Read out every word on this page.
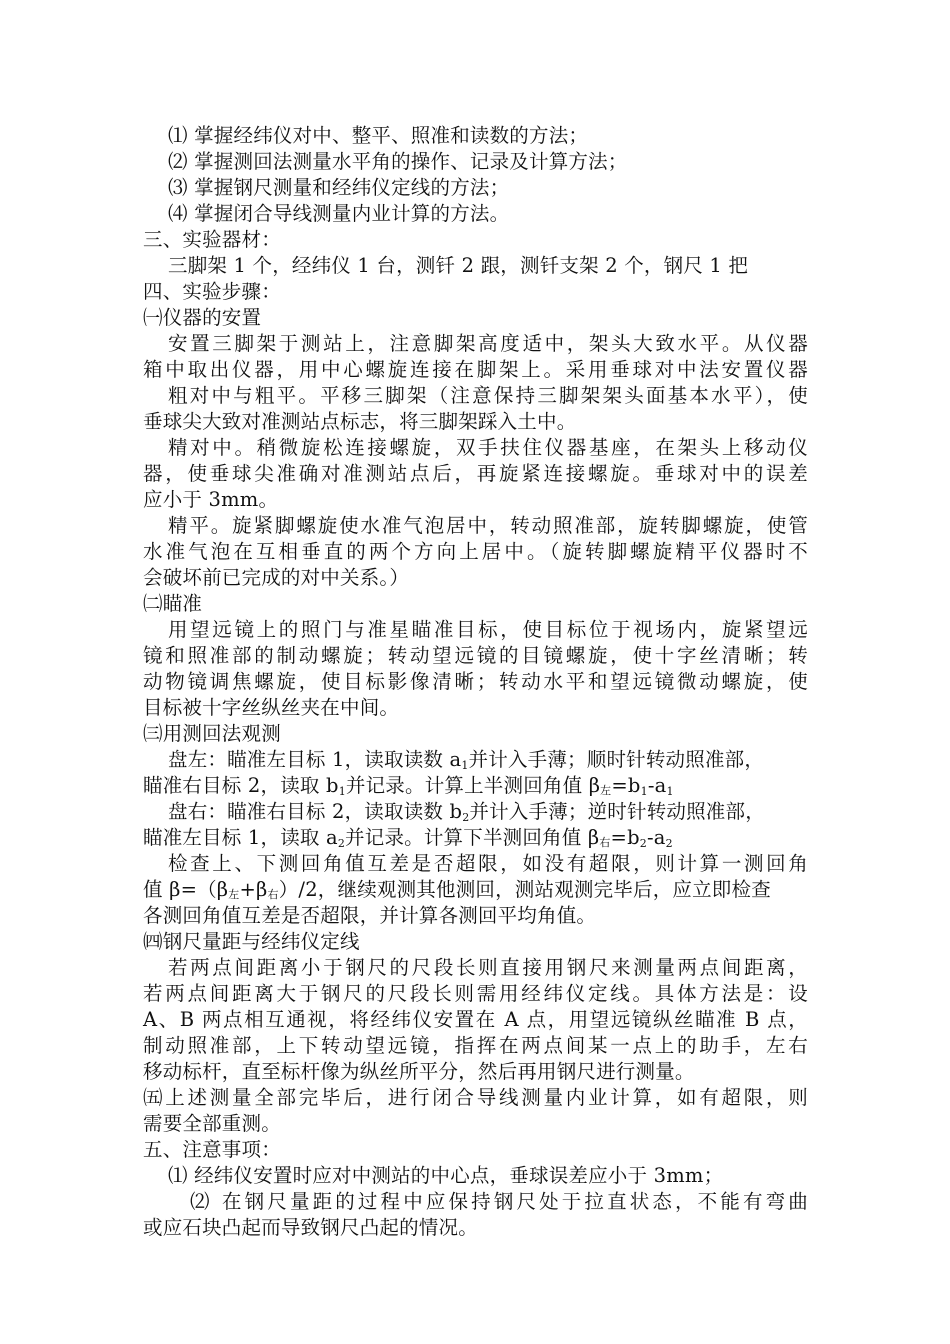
⑴ 掌握经纬仪对中、整平、照准和读数的方法；
⑵ 掌握测回法测量水平角的操作、记录及计算方法；
⑶ 掌握钢尺测量和经纬仪定线的方法；
⑷ 掌握闭合导线测量内业计算的方法。
三、实验器材：
三脚架 1 个，经纬仪 1 台，测钎 2 跟，测钎支架 2 个，钢尺 1 把
四、实验步骤：
㈠仪器的安置
安置三脚架于测站上，注意脚架高度适中，架头大致水平。从仪器
箱中取出仪器，用中心螺旋连接在脚架上。采用垂球对中法安置仪器
粗对中与粗平。平移三脚架（注意保持三脚架架头面基本水平），使
垂球尖大致对准测站点标志，将三脚架踩入土中。
精对中。稍微旋松连接螺旋，双手扶住仪器基座，在架头上移动仪
器，使垂球尖准确对准测站点后，再旋紧连接螺旋。垂球对中的误差
应小于 3mm。
精平。旋紧脚螺旋使水准气泡居中，转动照准部，旋转脚螺旋，使管
水准气泡在互相垂直的两个方向上居中。（旋转脚螺旋精平仪器时不
会破坏前已完成的对中关系。）
㈡瞄准
用望远镜上的照门与准星瞄准目标，使目标位于视场内，旋紧望远
镜和照准部的制动螺旋；转动望远镜的目镜螺旋，使十字丝清晰；转
动物镜调焦螺旋，使目标影像清晰；转动水平和望远镜微动螺旋，使
目标被十字丝纵丝夹在中间。
㈢用测回法观测
盘左：瞄准左目标 1，读取读数 $a_1$并计入手薄；顺时针转动照准部，
瞄准右目标 2，读取 $b_1$并记录。计算上半测回角值 β左$=b_1-a_1$
盘右：瞄准右目标 2，读取读数 $b_2$并计入手薄；逆时针转动照准部，
瞄准左目标 1，读取 $a_2$并记录。计算下半测回角值 β右$=b_2-a_2$
检查上、下测回角值互差是否超限，如没有超限，则计算一测回角
值 β=（β左+β右）/2，继续观测其他测回，测站观测完毕后，应立即检查
各测回角值互差是否超限，并计算各测回平均角值。
㈣钢尺量距与经纬仪定线
若两点间距离小于钢尺的尺段长则直接用钢尺来测量两点间距离，
若两点间距离大于钢尺的尺段长则需用经纬仪定线。具体方法是：设
A、B 两点相互通视，将经纬仪安置在 A 点，用望远镜纵丝瞄准 B 点，
制动照准部，上下转动望远镜，指挥在两点间某一点上的助手，左右
移动标杆，直至标杆像为纵丝所平分，然后再用钢尺进行测量。
㈤上述测量全部完毕后，进行闭合导线测量内业计算，如有超限，则
需要全部重测。
五、注意事项：
⑴ 经纬仪安置时应对中测站的中心点，垂球误差应小于 3mm；
⑵ 在钢尺量距的过程中应保持钢尺处于拉直状态，不能有弯曲
或应石块凸起而导致钢尺凸起的情况。
